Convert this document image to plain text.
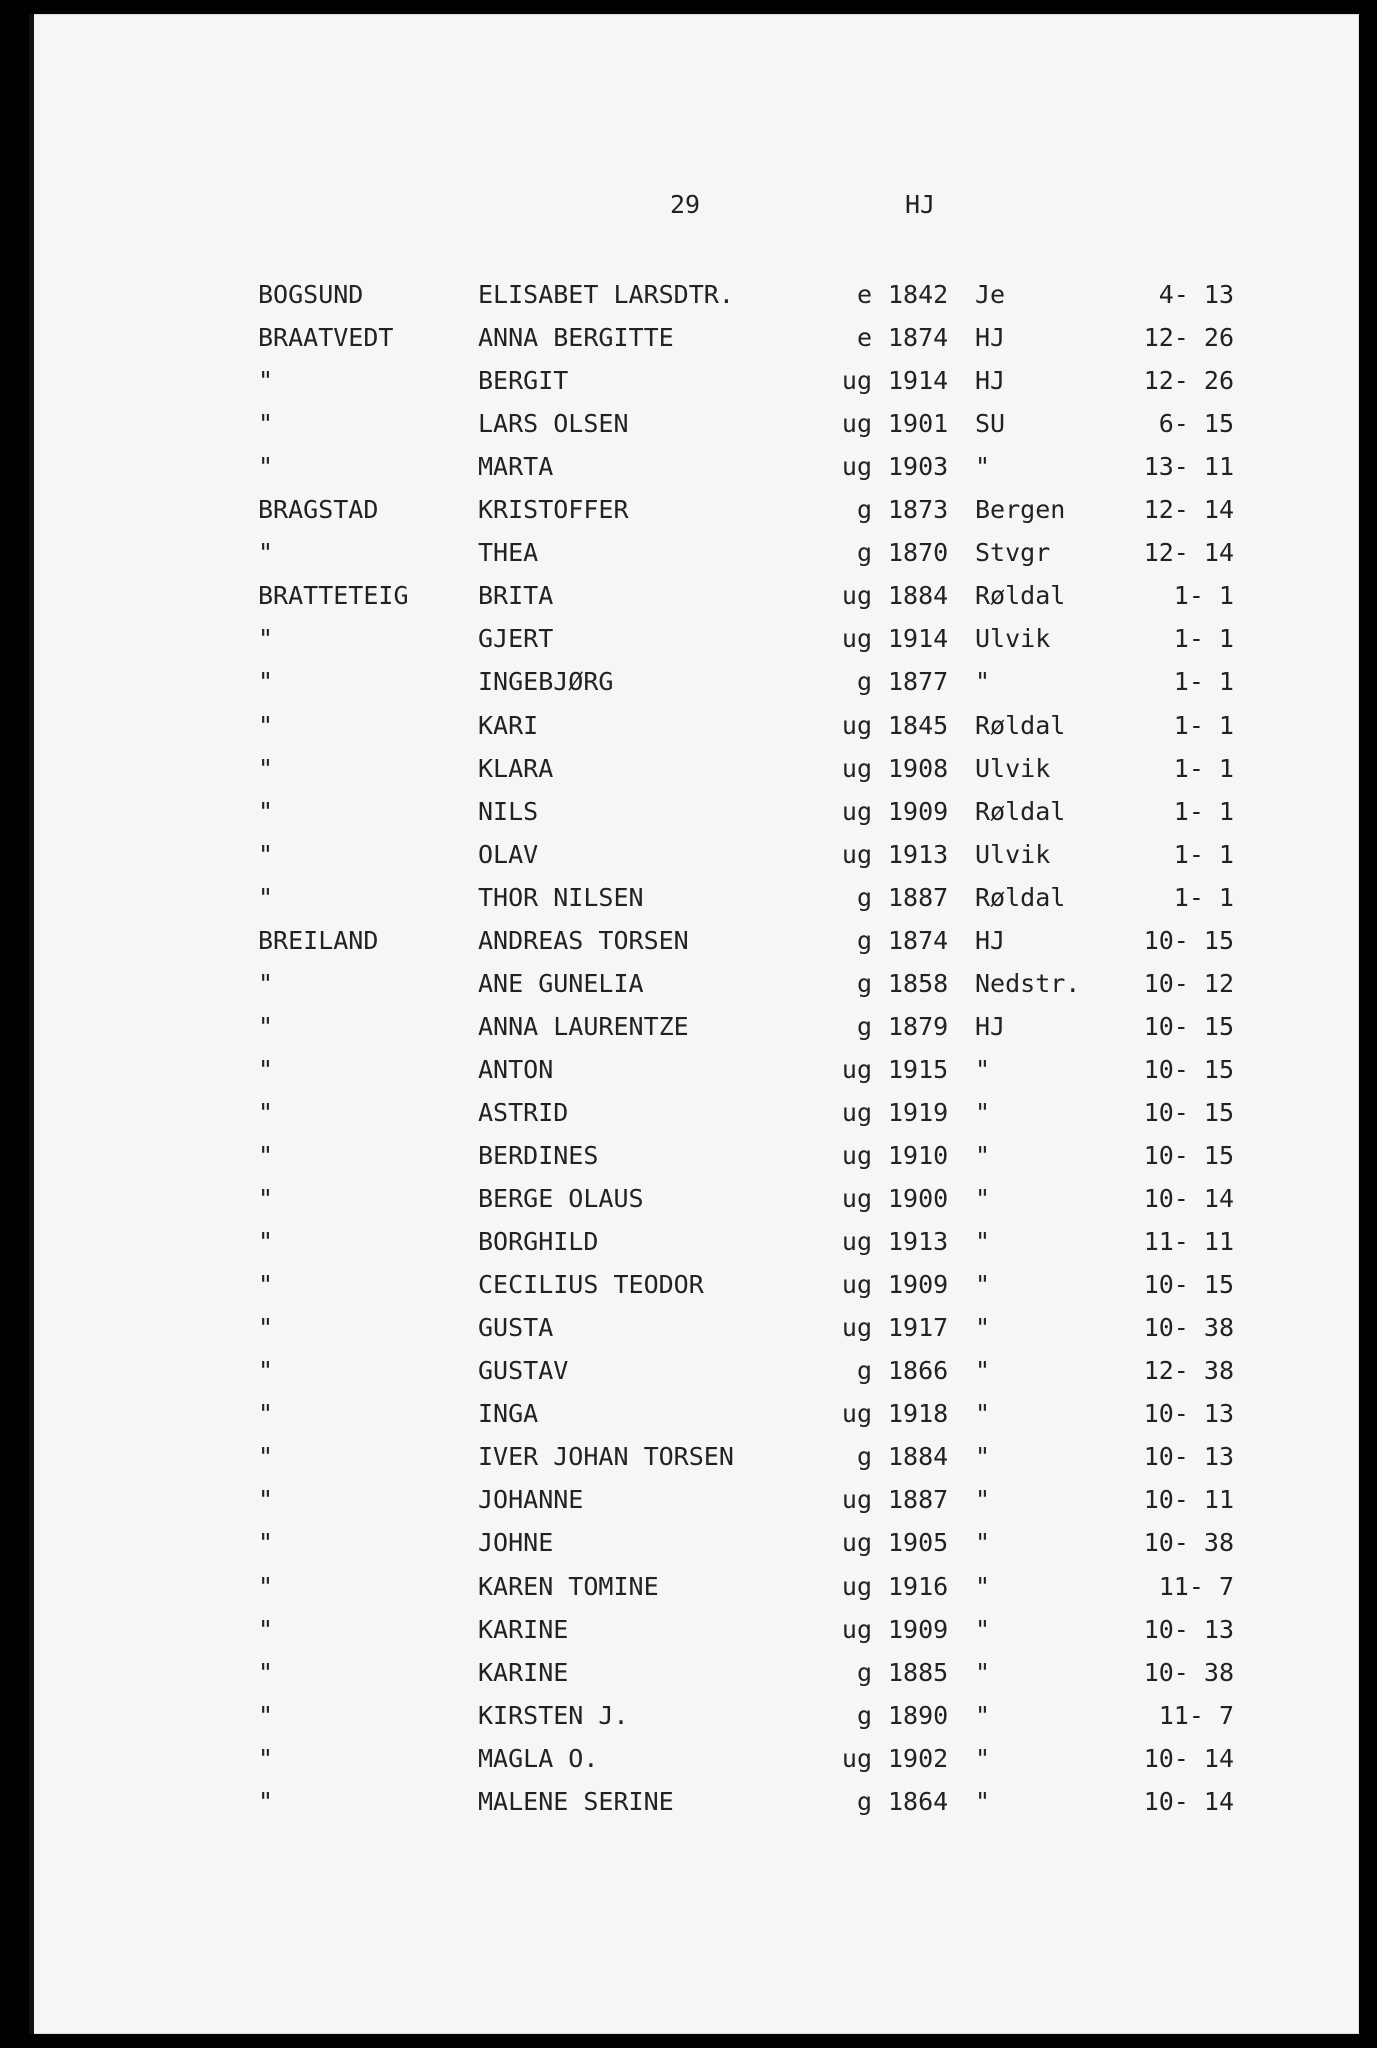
29	HJ
BOGSUND	ELISABET LARSDTR.	e 1842 Je	4- 13
BRAATVEDT	ANNA BERGITTE	e 1874 HJ	12- 26
"	BERGIT	ug 1914 HJ	12- 26
"	LARS OLSEN	ug 1901 SU	6- 15
"	MARTA	ug 1903 "	13- 11
BRAGSTAD	KRISTOFFER	g 1873 Bergen	12- 14
"	THEA	g 1870 Stvgr	12- 14
BRATTETEIG	BRITA	ug 1884 Røldal	1- 1
"	GJERT	ug 1914 Ulvik	1- 1
"	INGEBJØRG	g 1877 "	1- 1
"	KARI	ug 1845 Røldal	1- 1
"	KLARA	ug 1908 Ulvik	1- 1
"	NILS	ug 1909 Røldal	1- 1
"	OLAV	ug 1913 Ulvik	1- 1
"	THOR NILSEN	g 1887 Røldal	1- 1
BREILAND	ANDREAS TORSEN	g 1874 HJ	10- 15
"	ANE GUNELIA	g 1858 Nedstr.	10- 12
"	ANNA LAURENTZE	g 1879 HJ	10- 15
"	ANTON	ug 1915 "	10- 15
"	ASTRID	ug 1919 "	10- 15
"	BERDINES	ug 1910 "	10- 15
"	BERGE OLAUS	ug 1900 "	10- 14
"	BORGHILD	ug 1913 "	11- 11
"	CECILIUS TEODOR	ug 1909 "	10- 15
"	GUSTA	ug 1917 "	10- 38
"	GUSTAV	g 1866 "	12- 38
"	INGA	ug 1918 "	10- 13
"	IVER JOHAN TORSEN	g 1884 "	10- 13
"	JOHANNE	ug 1887 "	10- 11
"	JOHNE	ug 1905 "	10- 38
"	KAREN TOMINE	ug 1916 "	11- 7
"	KARINE	ug 1909 "	10- 13
"	KARINE	g 1885 "	10- 38
"	KIRSTEN J.	g 1890 "	11- 7
"	MAGLA O.	ug 1902 "	10- 14
"	MALENE SERINE	g 1864 "	10- 14
